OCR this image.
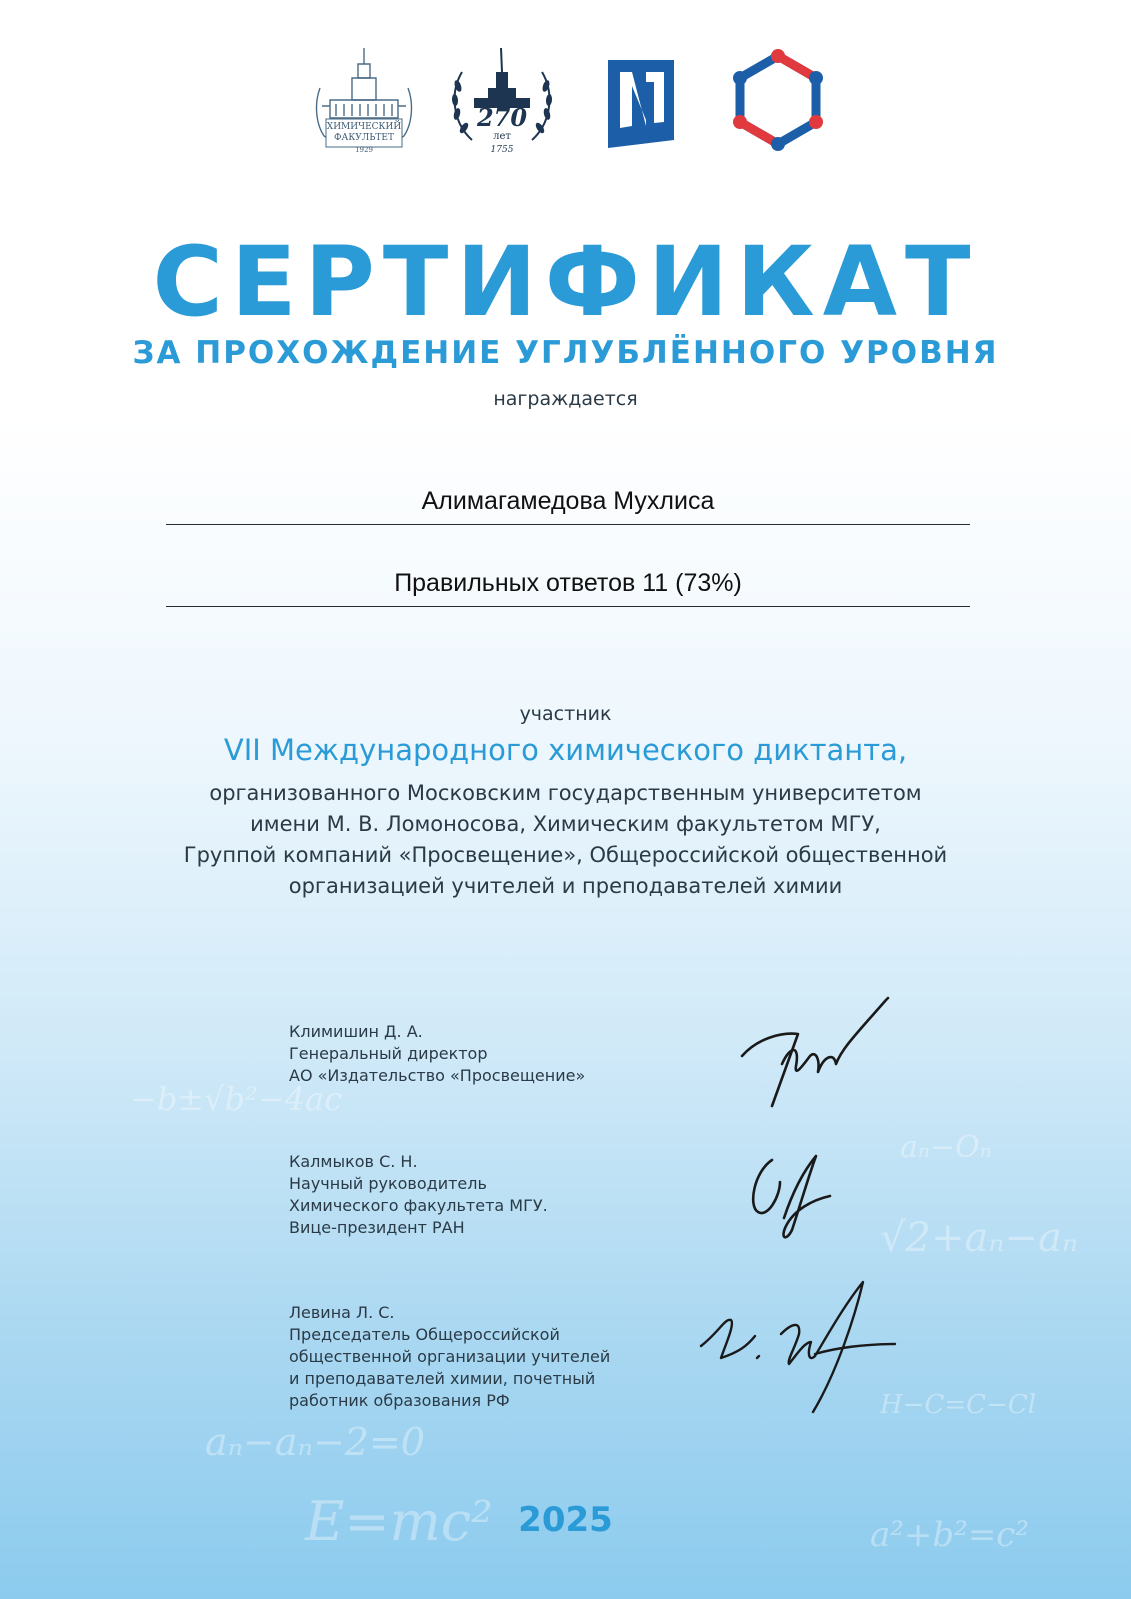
E=mc²	a²+b²=c²
√2+aₙ−aₙ
aₙ−aₙ−2=0
−b±√b²−4ac
H−C=C−Cl
aₙ−Oₙ
ХИМИЧЕСКИЙ
ФАКУЛЬТЕТ
1929
270
лет
1755
СЕРТИФИКАТ
ЗА ПРОХОЖДЕНИЕ УГЛУБЛЁННОГО УРОВНЯ
награждается
Алимагамедова Мухлиса
Правильных ответов 11 (73%)
участник
VII Международного химического диктанта,
организованного Московским государственным университетом
имени М. В. Ломоносова, Химическим факультетом МГУ,
Группой компаний «Просвещение», Общероссийской общественной
организацией учителей и преподавателей химии
Климишин Д. А.
Генеральный директор
АО «Издательство «Просвещение»
Калмыков С. Н.
Научный руководитель
Химического факультета МГУ.
Вице-президент РАН
Левина Л. С.
Председатель Общероссийской
общественной организации учителей
и преподавателей химии, почетный
работник образования РФ
2025
